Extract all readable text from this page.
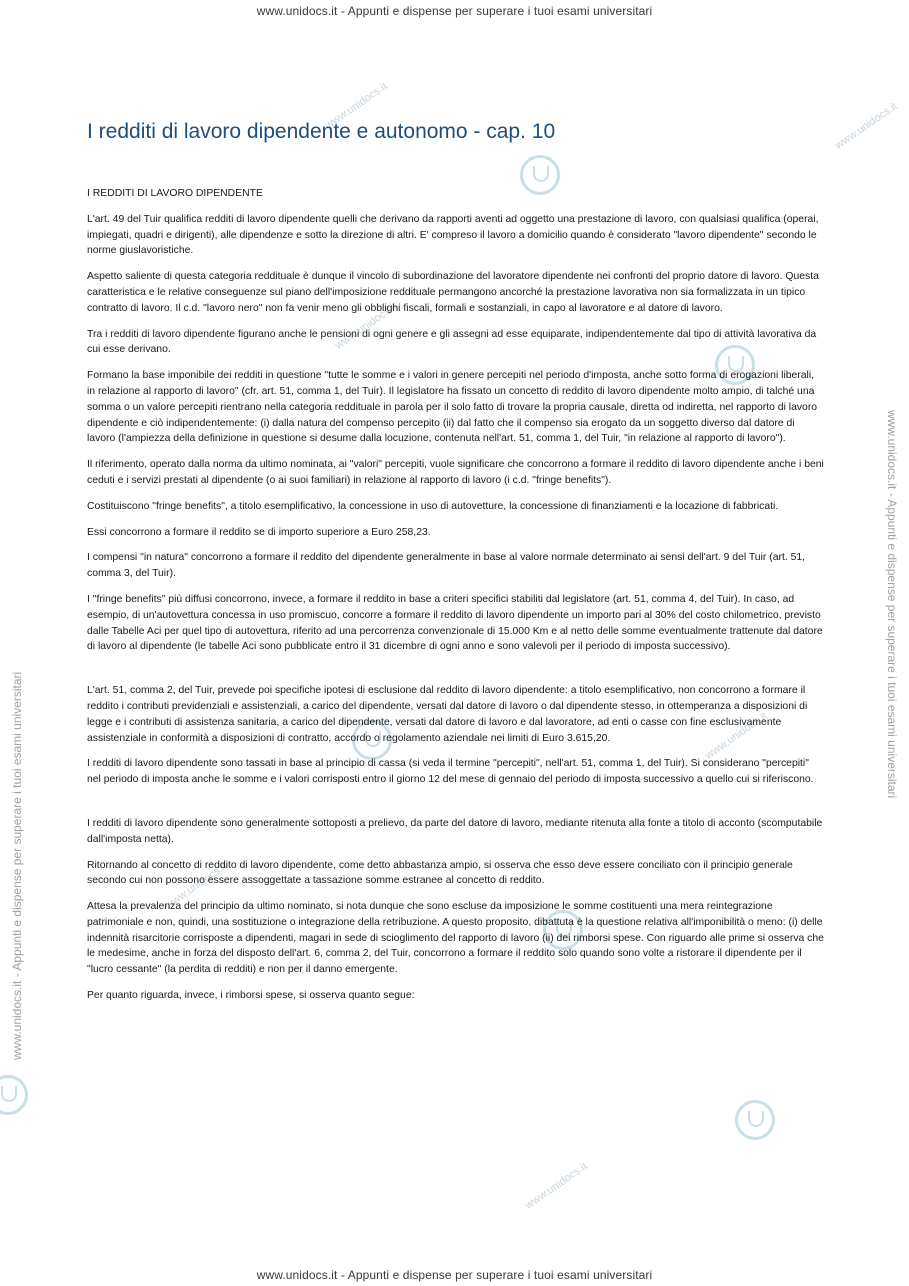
www.unidocs.it - Appunti e dispense per superare i tuoi esami universitari
www.unidocs.it - Appunti e dispense per superare i tuoi esami universitari
www.unidocs.it - Appunti e dispense per superare i tuoi esami universitari
www.unidocs.it
www.unidocs.it
www.unidocs.it
www.unidocs.it
www.unidocs.it
www.unidocs.it
I redditi di lavoro dipendente e autonomo - cap. 10

I REDDITI DI LAVORO DIPENDENTE

L'art. 49 del Tuir qualifica redditi di lavoro dipendente quelli che derivano da rapporti aventi ad oggetto una prestazione di lavoro, con qualsiasi qualifica (operai, impiegati, quadri e dirigenti), alle dipendenze e sotto la direzione di altri. E' compreso il lavoro a domicilio quando è considerato "lavoro dipendente" secondo le norme giuslavoristiche.

Aspetto saliente di questa categoria reddituale è dunque il vincolo di subordinazione del lavoratore dipendente nei confronti del proprio datore di lavoro. Questa caratteristica e le relative conseguenze sul piano dell'imposizione reddituale permangono ancorché la prestazione lavorativa non sia formalizzata in un tipico contratto di lavoro. Il c.d. "lavoro nero" non fa venir meno gli obblighi fiscali, formali e sostanziali, in capo al lavoratore e al datore di lavoro.

Tra i redditi di lavoro dipendente figurano anche le pensioni di ogni genere e gli assegni ad esse equiparate, indipendentemente dal tipo di attività lavorativa da cui esse derivano.

Formano la base imponibile dei redditi in questione "tutte le somme e i valori in genere percepiti nel periodo d'imposta, anche sotto forma di erogazioni liberali, in relazione al rapporto di lavoro" (cfr. art. 51, comma 1, del Tuir). Il legislatore ha fissato un concetto di reddito di lavoro dipendente molto ampio, di talché una somma o un valore percepiti rientrano nella categoria reddituale in parola per il solo fatto di trovare la propria causale, diretta od indiretta, nel rapporto di lavoro dipendente e ciò indipendentemente: (i) dalla natura del compenso percepito (ii) dal fatto che il compenso sia erogato da un soggetto diverso dal datore di lavoro (l'ampiezza della definizione in questione si desume dalla locuzione, contenuta nell'art. 51, comma 1, del Tuir, "in relazione al rapporto di lavoro").

Il riferimento, operato dalla norma da ultimo nominata, ai "valori" percepiti, vuole significare che concorrono a formare il reddito di lavoro dipendente anche i beni ceduti e i servizi prestati al dipendente (o ai suoi familiari) in relazione al rapporto di lavoro (i c.d. "fringe benefits").

Costituiscono "fringe benefits", a titolo esemplificativo, la concessione in uso di autovetture, la concessione di finanziamenti e la locazione di fabbricati.

Essi concorrono a formare il reddito se di importo superiore a Euro 258,23.

I compensi "in natura" concorrono a formare il reddito del dipendente generalmente in base al valore normale determinato ai sensi dell'art. 9 del Tuir (art. 51, comma 3, del Tuir).

I "fringe benefits" più diffusi concorrono, invece, a formare il reddito in base a criteri specifici stabiliti dal legislatore (art. 51, comma 4, del Tuir). In caso, ad esempio, di un'autovettura concessa in uso promiscuo, concorre a formare il reddito di lavoro dipendente un importo pari al 30% del costo chilometrico, previsto dalle Tabelle Aci per quel tipo di autovettura, riferito ad una percorrenza convenzionale di 15.000 Km e al netto delle somme eventualmente trattenute dal datore di lavoro al dipendente (le tabelle Aci sono pubblicate entro il 31 dicembre di ogni anno e sono valevoli per il periodo di imposta successivo).

L'art. 51, comma 2, del Tuir, prevede poi specifiche ipotesi di esclusione dal reddito di lavoro dipendente: a titolo esemplificativo, non concorrono a formare il reddito i contributi previdenziali e assistenziali, a carico del dipendente, versati dal datore di lavoro o dal dipendente stesso, in ottemperanza a disposizioni di legge e i contributi di assistenza sanitaria, a carico del dipendente, versati dal datore di lavoro e dal lavoratore, ad enti o casse con fine esclusivamente assistenziale in conformità a disposizioni di contratto, accordo o regolamento aziendale nei limiti di Euro 3.615,20.

I redditi di lavoro dipendente sono tassati in base al principio di cassa (si veda il termine "percepiti", nell'art. 51, comma 1, del Tuir). Si considerano "percepiti" nel periodo di imposta anche le somme e i valori corrisposti entro il giorno 12 del mese di gennaio del periodo di imposta successivo a quello cui si riferiscono.

I redditi di lavoro dipendente sono generalmente sottoposti a prelievo, da parte del datore di lavoro, mediante ritenuta alla fonte a titolo di acconto (scomputabile dall'imposta netta).

Ritornando al concetto di reddito di lavoro dipendente, come detto abbastanza ampio, si osserva che esso deve essere conciliato con il principio generale secondo cui non possono essere assoggettate a tassazione somme estranee al concetto di reddito.

Attesa la prevalenza del principio da ultimo nominato, si nota dunque che sono escluse da imposizione le somme costituenti una mera reintegrazione patrimoniale e non, quindi, una sostituzione o integrazione della retribuzione. A questo proposito, dibattuta è la questione relativa all'imponibilità o meno: (i) delle indennità risarcitorie corrisposte a dipendenti, magari in sede di scioglimento del rapporto di lavoro (ii) dei rimborsi spese. Con riguardo alle prime si osserva che le medesime, anche in forza del disposto dell'art. 6, comma 2, del Tuir, concorrono a formare il reddito solo quando sono volte a ristorare il dipendente per il "lucro cessante" (la perdita di redditi) e non per il danno emergente.

Per quanto riguarda, invece, i rimborsi spese, si osserva quanto segue:

www.unidocs.it - Appunti e dispense per superare i tuoi esami universitari
